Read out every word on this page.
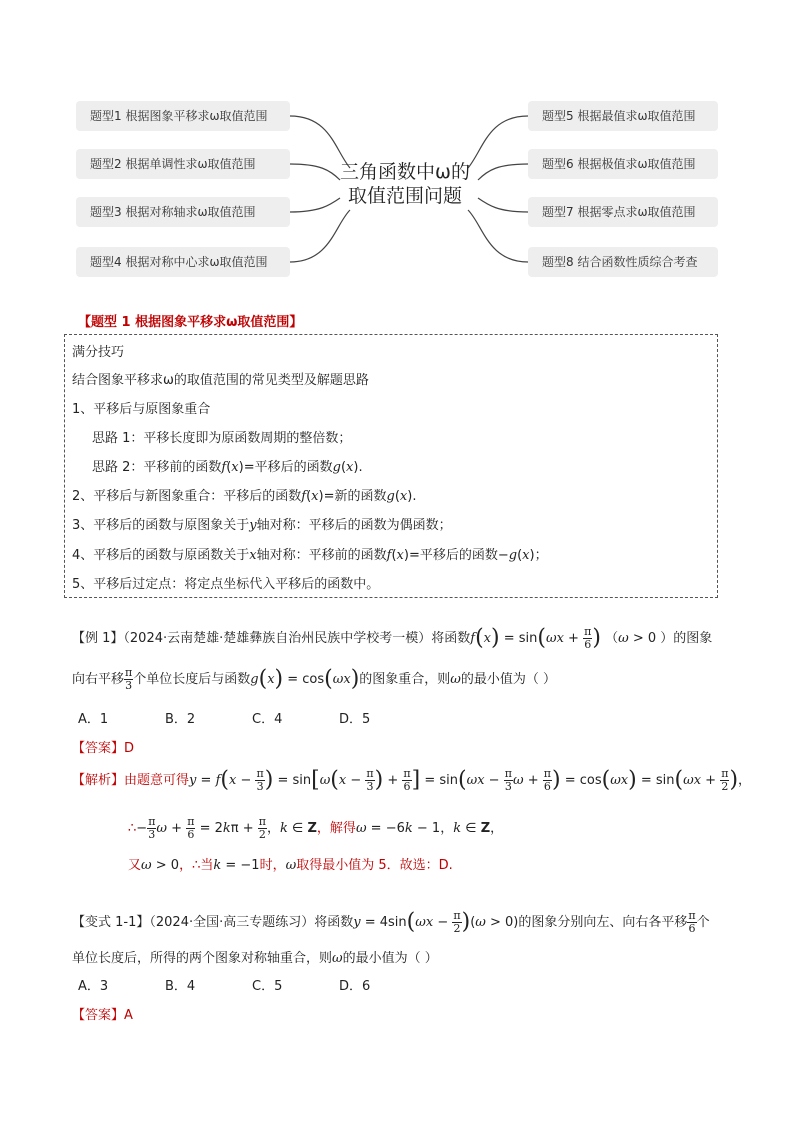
题型1 根据图象平移求ω取值范围
题型2 根据单调性求ω取值范围
题型3 根据对称轴求ω取值范围
题型4 根据对称中心求ω取值范围
题型5 根据最值求ω取值范围
题型6 根据极值求ω取值范围
题型7 根据零点求ω取值范围
题型8 结合函数性质综合考查
三角函数中ω的
取值范围问题
【题型 1 根据图象平移求ω取值范围】
满分技巧
结合图象平移求ω的取值范围的常见类型及解题思路
1、平移后与原图象重合
思路 1：平移长度即为原函数周期的整倍数；
思路 2：平移前的函数f(x)=平移后的函数g(x).
2、平移后与新图象重合：平移后的函数f(x)=新的函数g(x).
3、平移后的函数与原图象关于y轴对称：平移后的函数为偶函数；
4、平移后的函数与原函数关于x轴对称：平移前的函数f(x)=平移后的函数−g(x)；
5、平移后过定点：将定点坐标代入平移后的函数中。
【例 1】（2024·云南楚雄·楚雄彝族自治州民族中学校考一模）将函数$f(x) = \sin(\omega x + \frac{\pi}{6}$ ) （ω > 0 ）的图象
向右平移 $\frac{\pi}{3}$ 个单位长度后与函数g(x) = cos(ωx)的图象重合，则ω的最小值为（ ）
A．1	B．2	C．4	D．5
【答案】D
【解析】由题意可得$y = f(x - \frac{\pi}{3}$ ) = $\sin[\omega(x - \frac{\pi}{3}$ ) + $\frac{\pi}{6}$ ] = $\sin(\omega x - \frac{\pi}{3}$ $\omega + \frac{\pi}{6}$ ) = $\cos(\omega x) = \sin(\omega x + \frac{\pi}{2}$ )，
∴− $\frac{\pi}{3}$ $\omega + \frac{\pi}{6} = 2k\pi + \frac{\pi}{2}$ ，k ∈ Z，解得ω = −6k − 1，k ∈ Z，
又ω > 0，∴当k = −1时，ω取得最小值为 5．故选：D.
【变式 1-1】（2024·全国·高三专题练习）将函数$y = 4\sin(\omega x - \frac{\pi}{2} )(\omega > 0)$的图象分别向左、向右各平移 $\frac{\pi}{6}$ 个
单位长度后，所得的两个图象对称轴重合，则ω的最小值为（ ）
A．3	B．4	C．5	D．6
【答案】A
